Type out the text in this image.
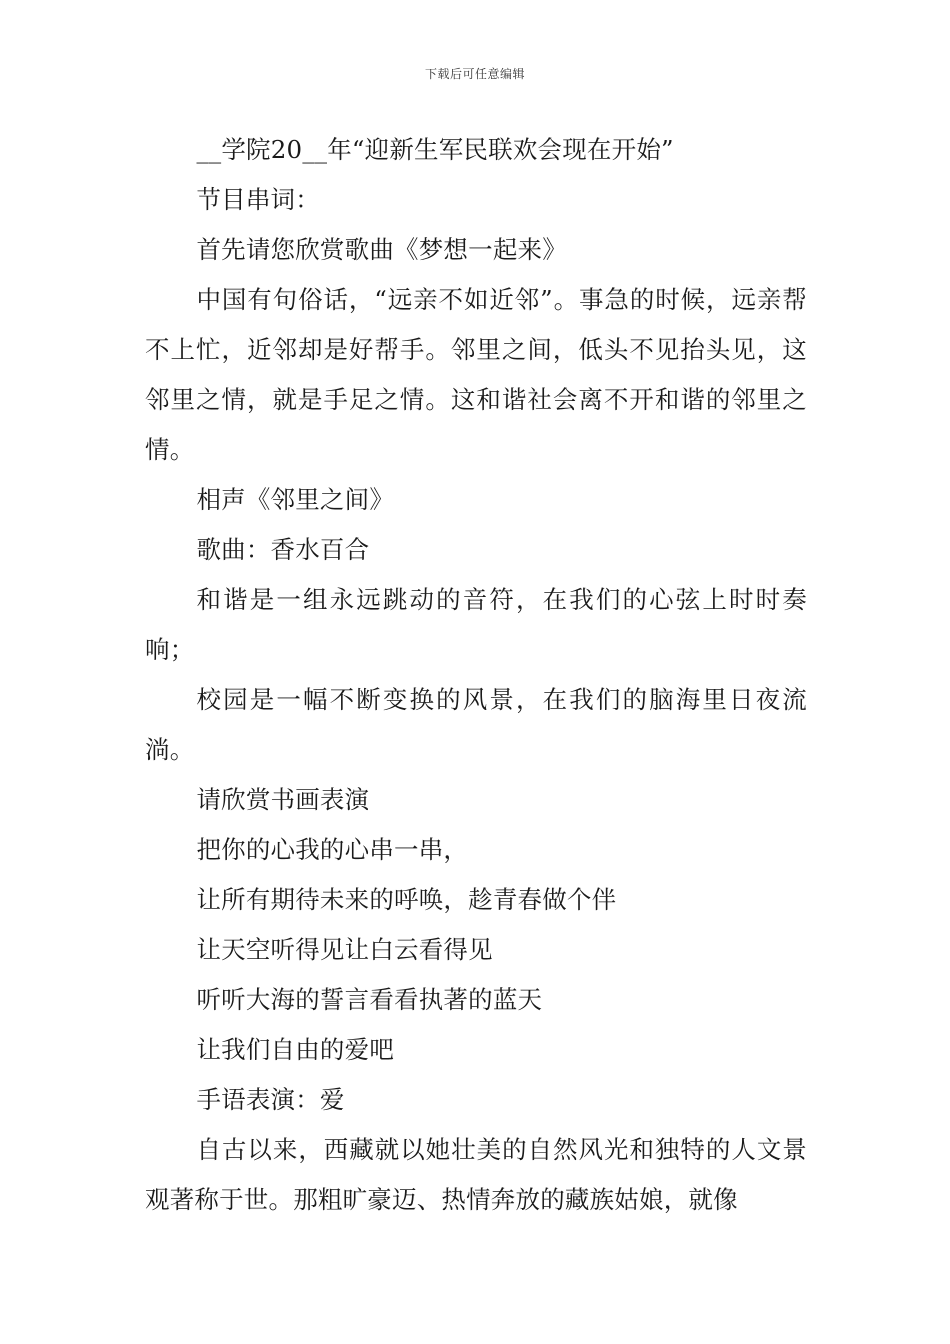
下载后可任意编辑

__学院20__年“迎新生军民联欢会现在开始”

节目串词：

首先请您欣赏歌曲《梦想一起来》

中国有句俗话，“远亲不如近邻”。事急的时候，远亲帮不上忙，近邻却是好帮手。邻里之间，低头不见抬头见，这邻里之情，就是手足之情。这和谐社会离不开和谐的邻里之情。

相声《邻里之间》

歌曲：香水百合

和谐是一组永远跳动的音符，在我们的心弦上时时奏响；

校园是一幅不断变换的风景，在我们的脑海里日夜流淌。

请欣赏书画表演

把你的心我的心串一串，

让所有期待未来的呼唤，趁青春做个伴

让天空听得见让白云看得见

听听大海的誓言看看执著的蓝天

让我们自由的爱吧

手语表演：爱

自古以来，西藏就以她壮美的自然风光和独特的人文景观著称于世。那粗旷豪迈、热情奔放的藏族姑娘，就像
